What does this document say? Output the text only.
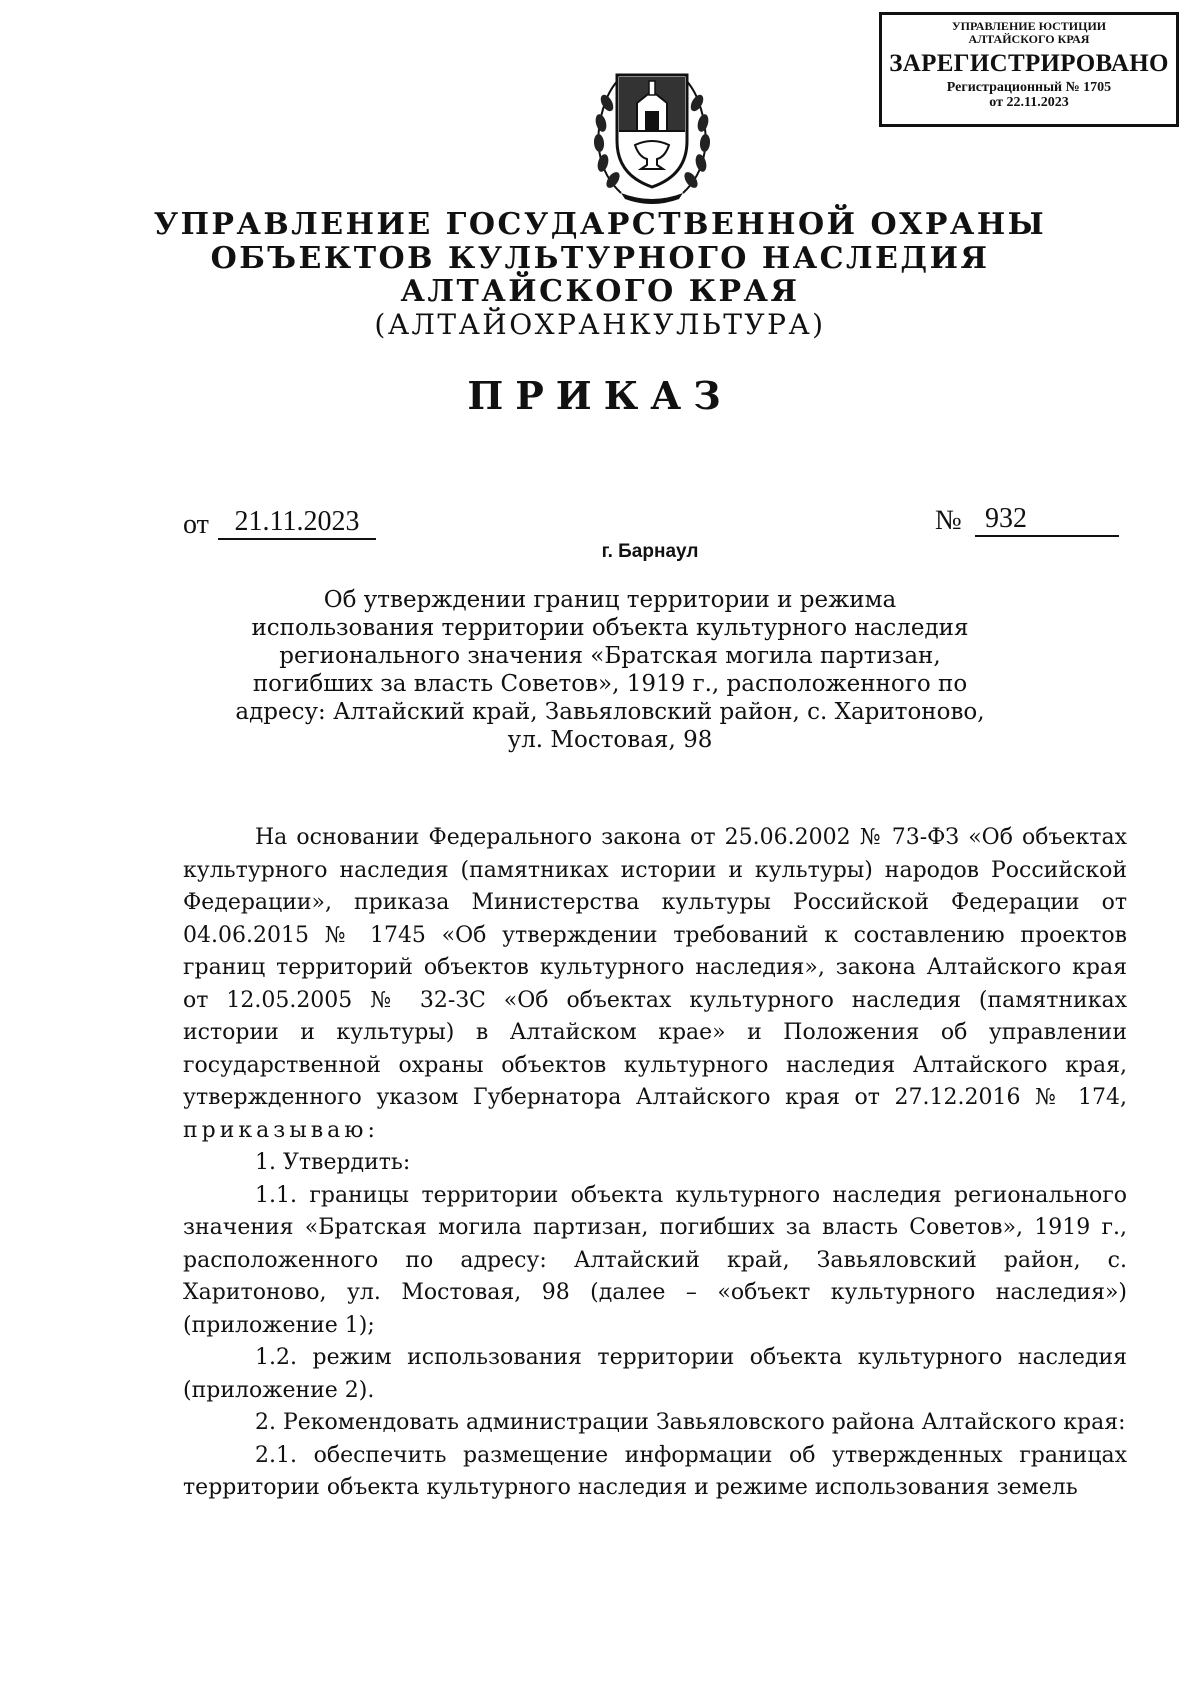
УПРАВЛЕНИЕ ЮСТИЦИИ
АЛТАЙСКОГО КРАЯ
ЗАРЕГИСТРИРОВАНО
Регистрационный № 1705
от 22.11.2023
УПРАВЛЕНИЕ ГОСУДАРСТВЕННОЙ ОХРАНЫ
ОБЪЕКТОВ КУЛЬТУРНОГО НАСЛЕДИЯ
АЛТАЙСКОГО КРАЯ
(АЛТАЙОХРАНКУЛЬТУРА)
ПРИКАЗ
от 21.11.2023	№ 932
г. Барнаул
Об утверждении границ территории и режима использования территории объекта культурного наследия регионального значения «Братская могила партизан, погибших за власть Советов», 1919 г., расположенного по адресу: Алтайский край, Завьяловский район, с. Харитоново, ул. Мостовая, 98

На основании Федерального закона от 25.06.2002 № 73-ФЗ «Об объектах культурного наследия (памятниках истории и культуры) народов Российской Федерации», приказа Министерства культуры Российской Федерации от 04.06.2015 № 1745 «Об утверждении требований к составлению проектов границ территорий объектов культурного наследия», закона Алтайского края от 12.05.2005 № 32-ЗС «Об объектах культурного наследия (памятниках истории и культуры) в Алтайском крае» и Положения об управлении государственной охраны объектов культурного наследия Алтайского края, утвержденного указом Губернатора Алтайского края от 27.12.2016 № 174, приказываю:

1. Утвердить:

1.1. границы территории объекта культурного наследия регионального значения «Братская могила партизан, погибших за власть Советов», 1919 г., расположенного по адресу: Алтайский край, Завьяловский район, с. Харитоново, ул. Мостовая, 98 (далее – «объект культурного наследия») (приложение 1);

1.2. режим использования территории объекта культурного наследия (приложение 2).

2. Рекомендовать администрации Завьяловского района Алтайского края:

2.1. обеспечить размещение информации об утвержденных границах территории объекта культурного наследия и режиме использования земель
